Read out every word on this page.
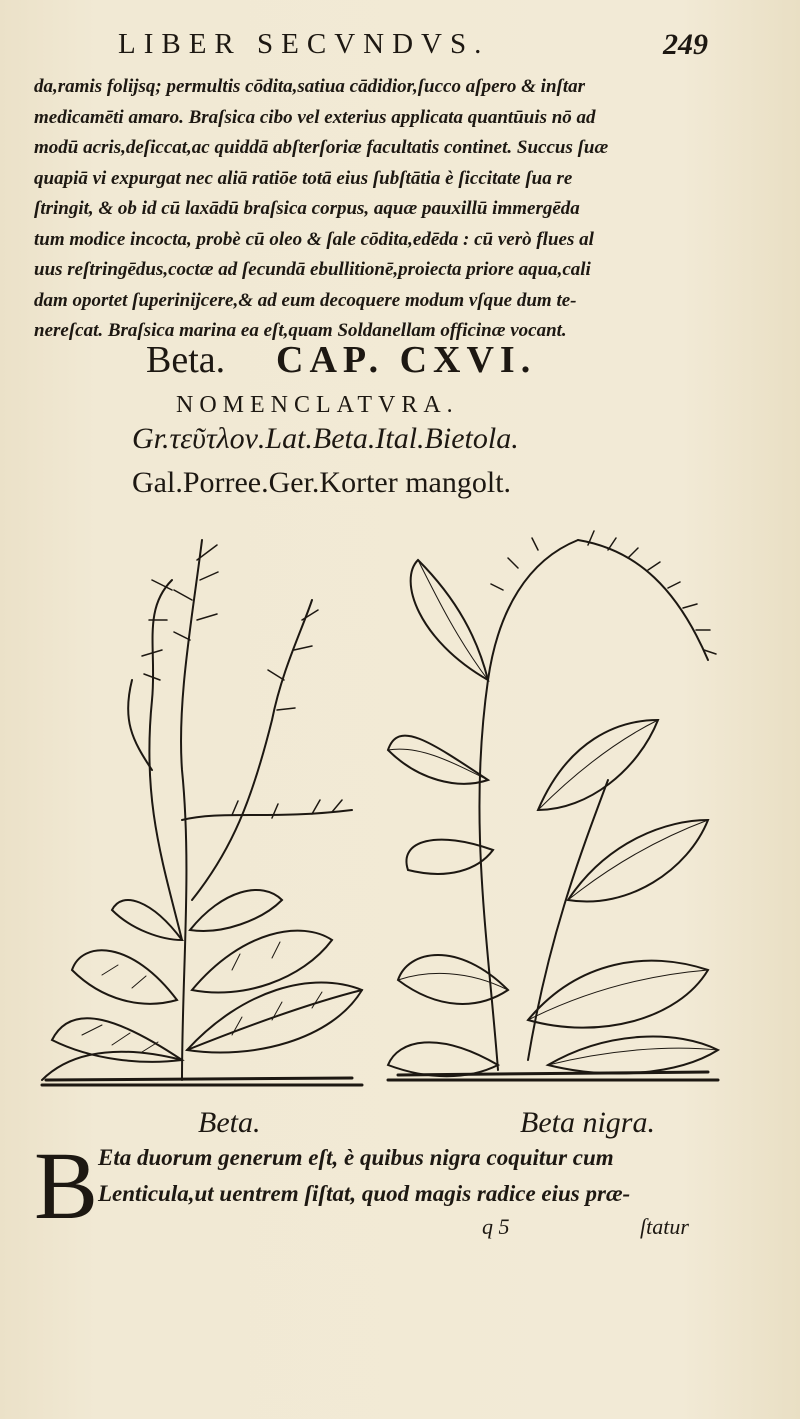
LIBER SECVNDVS.	249
da,ramis folijsq; permultis cōdita,satiua cādidior,ſucco aſpero & inſtar
medicamēti amaro. Braſsica cibo vel exterius applicata quantūuis nō ad
modū acris,deſiccat,ac quiddā abſterſoriæ facultatis continet. Succus ſuæ
quapiā vi expurgat nec aliā ratiōe totā eius ſubſtātia è ſiccitate ſua re
ſtringit, & ob id cū laxādū braſsica corpus, aquæ pauxillū immergēda
tum modice incocta, probè cū oleo & ſale cōdita,edēda : cū verò flues al
uus reſtringēdus,coctæ ad ſecundā ebullitionē,proiecta priore aqua,cali
dam oportet ſuperinijcere,& ad eum decoquere modum vſque dum te-
nereſcat. Braſsica marina ea eſt,quam Soldanellam officinæ vocant.
Beta. CAP. CXVI.
NOMENCLATVRA.
Gr.τεῦτλον.Lat.Beta.Ital.Bietola.
Gal.Porree.Ger.Korter mangolt.
Beta.	Beta nigra.
B Eta duorum generum eſt, è quibus nigra coquitur cum
Lenticula,ut uentrem ſiſtat, quod magis radice eius præ-
q 5	ſtatur
